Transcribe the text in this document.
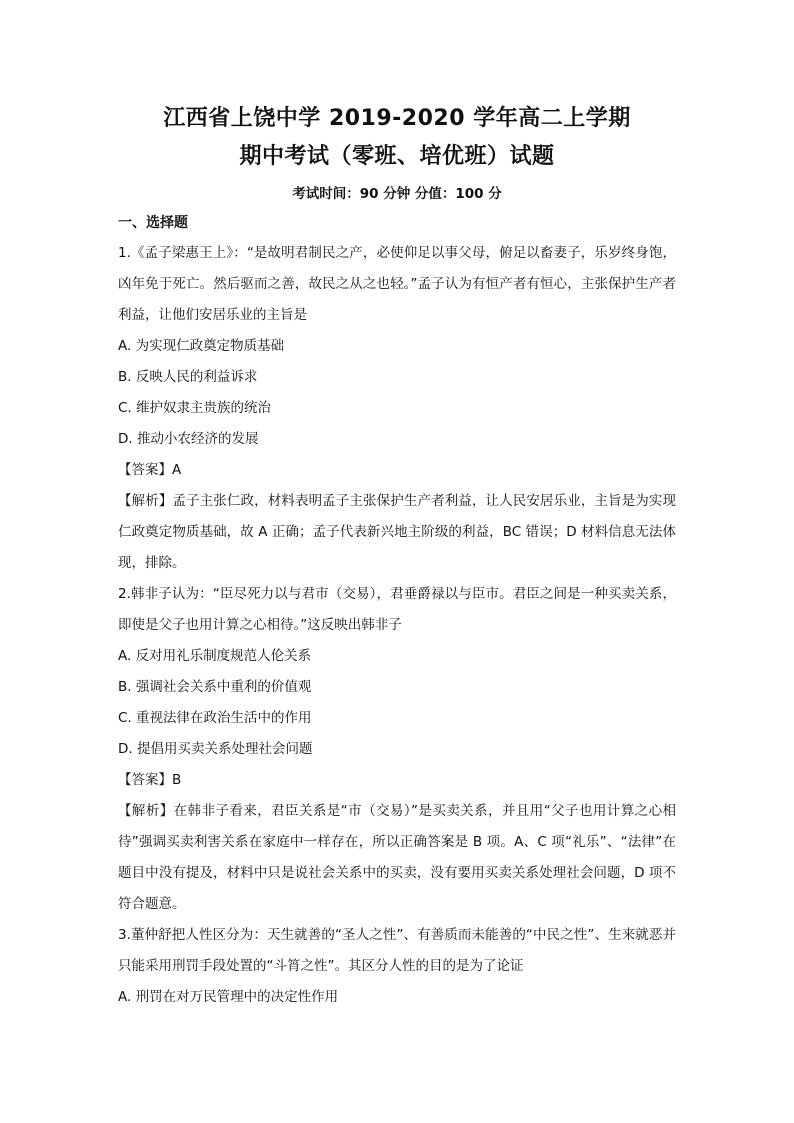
江西省上饶中学 2019-2020 学年高二上学期
期中考试（零班、培优班）试题
考试时间：90 分钟 分值：100 分
一、选择题

1.《孟子梁惠王上》：“是故明君制民之产，必使仰足以事父母，俯足以畜妻子，乐岁终身饱，凶年免于死亡。然后驱而之善，故民之从之也轻。”孟子认为有恒产者有恒心，主张保护生产者利益，让他们安居乐业的主旨是

A. 为实现仁政奠定物质基础

B. 反映人民的利益诉求

C. 维护奴隶主贵族的统治

D. 推动小农经济的发展

【答案】A

【解析】孟子主张仁政，材料表明孟子主张保护生产者利益，让人民安居乐业，主旨是为实现仁政奠定物质基础，故 A 正确；孟子代表新兴地主阶级的利益，BC 错误；D 材料信息无法体现，排除。

2.韩非子认为：“臣尽死力以与君市（交易），君垂爵禄以与臣市。君臣之间是一种买卖关系，即使是父子也用计算之心相待。”这反映出韩非子

A. 反对用礼乐制度规范人伦关系

B. 强调社会关系中重利的价值观

C. 重视法律在政治生活中的作用

D. 提倡用买卖关系处理社会问题

【答案】B

【解析】在韩非子看来，君臣关系是“市（交易）”是买卖关系，并且用“父子也用计算之心相待”强调买卖利害关系在家庭中一样存在，所以正确答案是 B 项。A、C 项“礼乐”、“法律”在题目中没有提及，材料中只是说社会关系中的买卖，没有要用买卖关系处理社会问题，D 项不符合题意。

3.董仲舒把人性区分为：天生就善的“圣人之性”、有善质而未能善的“中民之性”、生来就恶并只能采用刑罚手段处置的“斗筲之性”。其区分人性的目的是为了论证

A. 刑罚在对万民管理中的决定性作用
